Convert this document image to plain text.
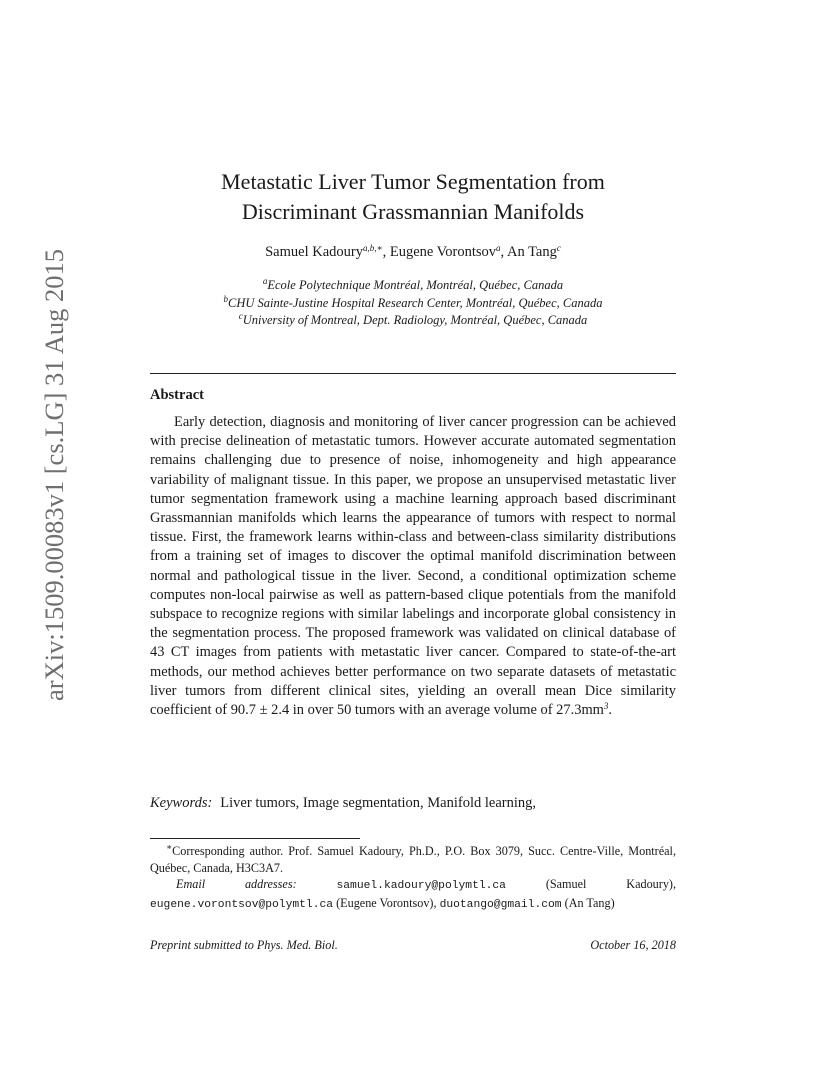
arXiv:1509.00083v1 [cs.LG] 31 Aug 2015
Metastatic Liver Tumor Segmentation from
Discriminant Grassmannian Manifolds
Samuel Kadoury$^{a,b,∗}$, Eugene Vorontsov$^a$, An Tang$^c$
$^a$Ecole Polytechnique Montréal, Montréal, Québec, Canada
$^b$CHU Sainte-Justine Hospital Research Center, Montréal, Québec, Canada
$^c$University of Montreal, Dept. Radiology, Montréal, Québec, Canada
Abstract
Early detection, diagnosis and monitoring of liver cancer progression can be achieved with precise delineation of metastatic tumors. However accurate automated segmentation remains challenging due to presence of noise, inhomogeneity and high appearance variability of malignant tissue. In this paper, we propose an unsupervised metastatic liver tumor segmentation framework using a machine learning approach based discriminant Grassmannian manifolds which learns the appearance of tumors with respect to normal tissue. First, the framework learns within-class and between-class similarity distributions from a training set of images to discover the optimal manifold discrimination between normal and pathological tissue in the liver. Second, a conditional optimization scheme computes non-local pairwise as well as pattern-based clique potentials from the manifold subspace to recognize regions with similar labelings and incorporate global consistency in the segmentation process. The proposed framework was validated on clinical database of 43 CT images from patients with metastatic liver cancer. Compared to state-of-the-art methods, our method achieves better performance on two separate datasets of metastatic liver tumors from different clinical sites, yielding an overall mean Dice similarity coefficient of 90.7 ± 2.4 in over 50 tumors with an average volume of $27.3mm^3$.
Keywords: Liver tumors, Image segmentation, Manifold learning,
∗Corresponding author. Prof. Samuel Kadoury, Ph.D., P.O. Box 3079, Succ. Centre-Ville, Montréal, Québec, Canada, H3C3A7.
Email addresses:	samuel.kadoury@polymtl.ca	(Samuel Kadoury), eugene.vorontsov@polymtl.ca (Eugene Vorontsov), duotango@gmail.com (An Tang)
Preprint submitted to Phys. Med. Biol.	October 16, 2018
